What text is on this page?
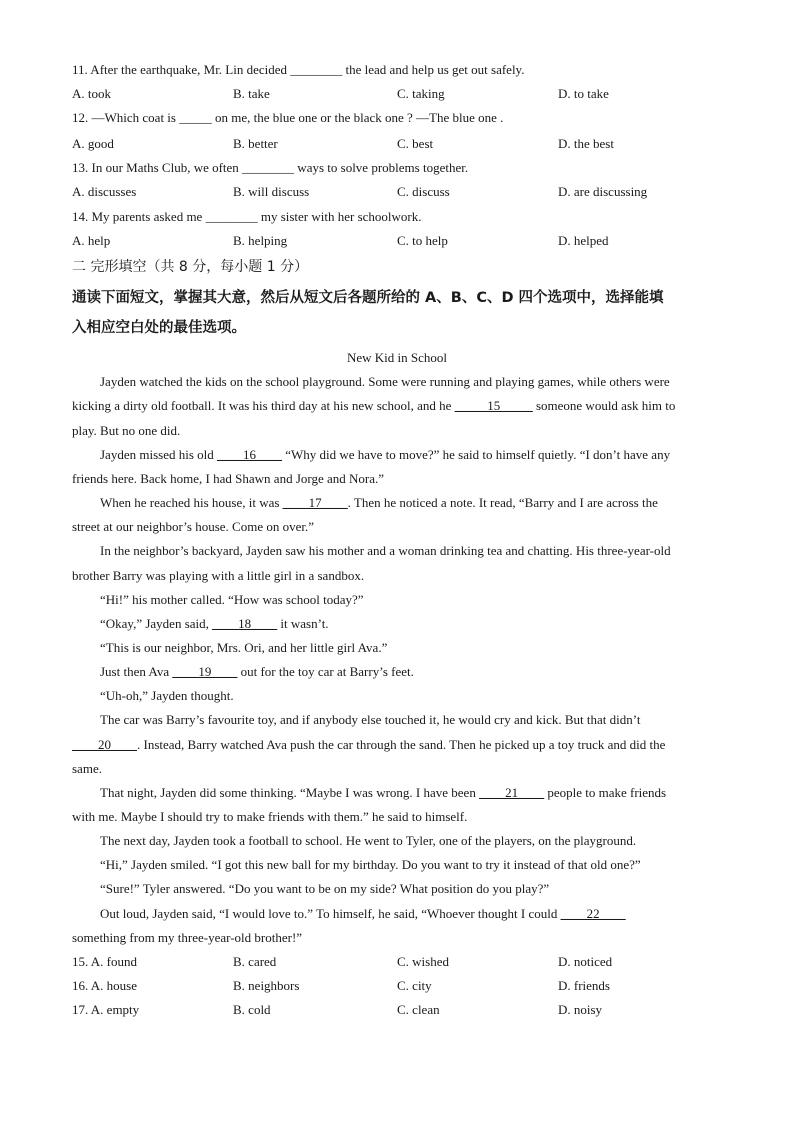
11. After the earthquake, Mr. Lin decided ________ the lead and help us get out safely.
A. took	B. take	C. taking	D. to take
12. —Which coat is _____ on me, the blue one or the black one ? —The blue one .
A. good	B. better	C. best	D. the best
13. In our Maths Club, we often ________ ways to solve problems together.
A. discusses	B. will discuss	C. discuss	D. are discussing
14. My parents asked me ________ my sister with her schoolwork.
A. help	B. helping	C. to help	D. helped
二 完形填空（共 8 分，每小题 1 分）
通读下面短文，掌握其大意，然后从短文后各题所给的 A、B、C、D 四个选项中，选择能填
入相应空白处的最佳选项。
New Kid in School
Jayden watched the kids on the school playground. Some were running and playing games, while others were
kicking a dirty old football. It was his third day at his new school, and he _____15_____ someone would ask him to
play. But no one did.
Jayden missed his old ____16____ “Why did we have to move?” he said to himself quietly. “I don’t have any
friends here. Back home, I had Shawn and Jorge and Nora.”
When he reached his house, it was ____17____. Then he noticed a note. It read, “Barry and I are across the
street at our neighbor’s house. Come on over.”
In the neighbor’s backyard, Jayden saw his mother and a woman drinking tea and chatting. His three-year-old
brother Barry was playing with a little girl in a sandbox.
“Hi!” his mother called. “How was school today?”
“Okay,” Jayden said, ____18____ it wasn’t.
“This is our neighbor, Mrs. Ori, and her little girl Ava.”
Just then Ava ____19____ out for the toy car at Barry’s feet.
“Uh-oh,” Jayden thought.
The car was Barry’s favourite toy, and if anybody else touched it, he would cry and kick. But that didn’t
____20____. Instead, Barry watched Ava push the car through the sand. Then he picked up a toy truck and did the
same.
That night, Jayden did some thinking. “Maybe I was wrong. I have been ____21____ people to make friends
with me. Maybe I should try to make friends with them.” he said to himself.
The next day, Jayden took a football to school. He went to Tyler, one of the players, on the playground.
“Hi,” Jayden smiled. “I got this new ball for my birthday. Do you want to try it instead of that old one?”
“Sure!” Tyler answered. “Do you want to be on my side? What position do you play?”
Out loud, Jayden said, “I would love to.” To himself, he said, “Whoever thought I could ____22____
something from my three-year-old brother!”
15. A. found	B. cared	C. wished	D. noticed
16. A. house	B. neighbors	C. city	D. friends
17. A. empty	B. cold	C. clean	D. noisy
